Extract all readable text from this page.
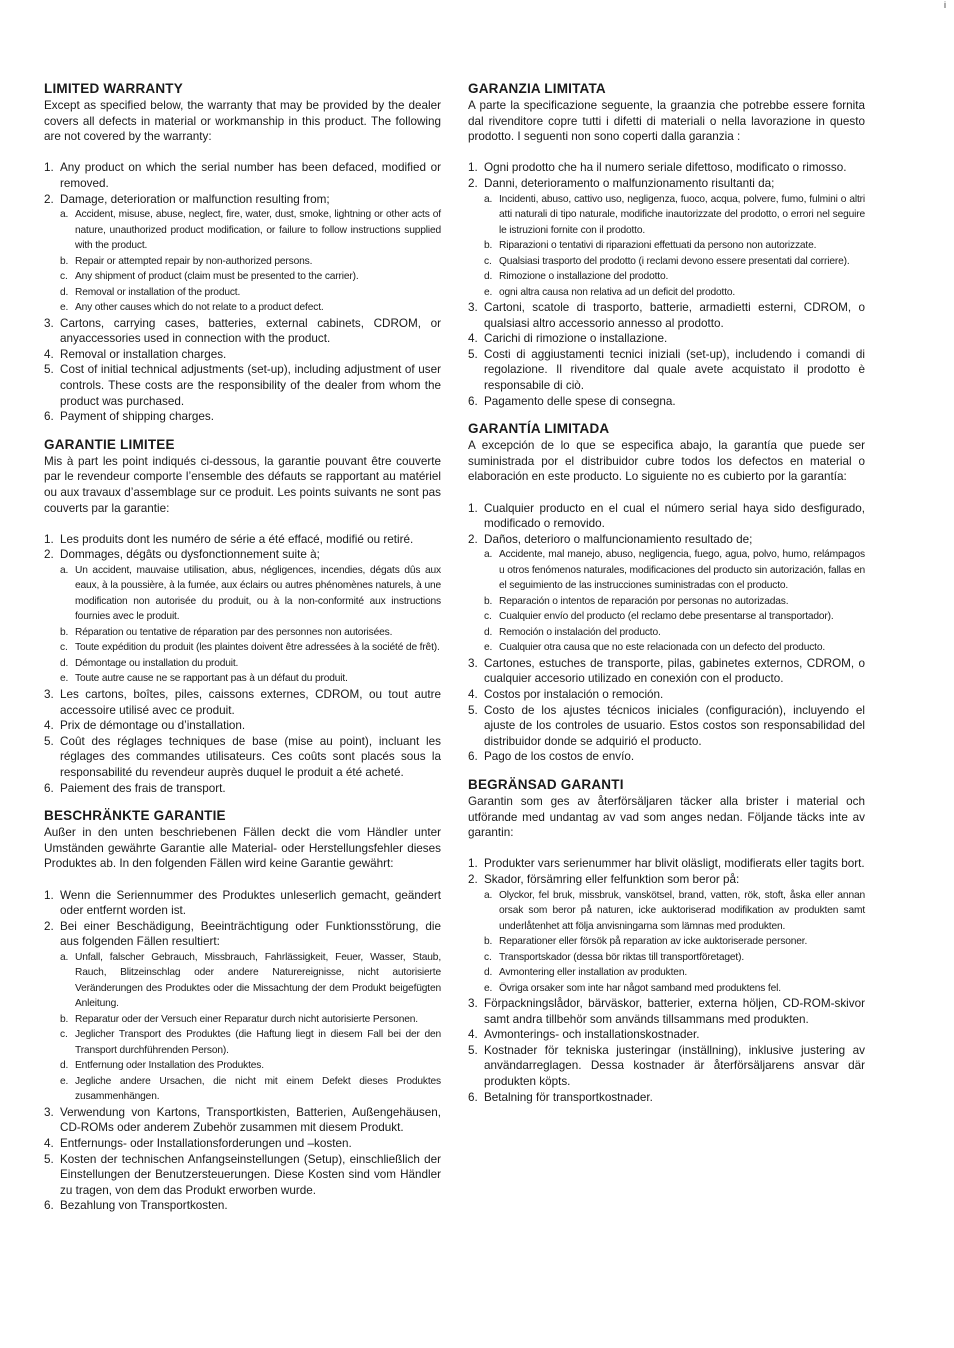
i
LIMITED WARRANTY

Except as specified below, the warranty that may be provided by the dealer covers all defects in material or workmanship in this product. The following are not covered by the warranty:

1. Any product on which the serial number has been defaced, modified or removed.
2. Damage, deterioration or malfunction resulting from;
a. Accident, misuse, abuse, neglect, fire, water, dust, smoke, lightning or other acts of nature, unauthorized product modification, or failure to follow instructions supplied with the product.
b. Repair or attempted repair by non-authorized persons.
c. Any shipment of product (claim must be presented to the carrier).
d. Removal or installation of the product.
e. Any other causes which do not relate to a product defect.
3. Cartons, carrying cases, batteries, external cabinets, CDROM, or anyaccessories used in connection with the product.
4. Removal or installation charges.
5. Cost of initial technical adjustments (set-up), including adjustment of user controls. These costs are the responsibility of the dealer from whom the product was purchased.
6. Payment of shipping charges.
GARANTIE LIMITEE

Mis à part les point indiqués ci-dessous, la garantie pouvant être couverte par le revendeur comporte l’ensemble des défauts se rapportant au matériel ou aux travaux d’assemblage sur ce produit. Les points suivants ne sont pas couverts par la garantie:

1. Les produits dont les numéro de série a été effacé, modifié ou retiré.
2. Dommages, dégâts ou dysfonctionnement suite à;
a. Un accident, mauvaise utilisation, abus, négligences, incendies, dégats dûs aux eaux, à la poussière, à la fumée, aux éclairs ou autres phénomènes naturels, à une modification non autorisée du produit, ou à la non-conformité aux instructions fournies avec le produit.
b. Réparation ou tentative de réparation par des personnes non autorisées.
c. Toute expédition du produit (les plaintes doivent être adressées à la société de frêt).
d. Démontage ou installation du produit.
e. Toute autre cause ne se rapportant pas à un défaut du produit.
3. Les cartons, boîtes, piles, caissons externes, CDROM, ou tout autre accessoire utilisé avec ce produit.
4. Prix de démontage ou d’installation.
5. Coût des réglages techniques de base (mise au point), incluant les réglages des commandes utilisateurs. Ces coûts sont placés sous la responsabilité du revendeur auprès duquel le produit a été acheté.
6. Paiement des frais de transport.
BESCHRÄNKTE GARANTIE

Außer in den unten beschriebenen Fällen deckt die vom Händler unter Umständen gewährte Garantie alle Material- oder Herstellungsfehler dieses Produktes ab. In den folgenden Fällen wird keine Garantie gewährt:

1. Wenn die Seriennummer des Produktes unleserlich gemacht, geändert oder entfernt worden ist.
2. Bei einer Beschädigung, Beeinträchtigung oder Funktionsstörung, die aus folgenden Fällen resultiert:
a. Unfall, falscher Gebrauch, Missbrauch, Fahrlässigkeit, Feuer, Wasser, Staub, Rauch, Blitzeinschlag oder andere Naturereignisse, nicht autorisierte Veränderungen des Produktes oder die Missachtung der dem Produkt beigefügten Anleitung.
b. Reparatur oder der Versuch einer Reparatur durch nicht autorisierte Personen.
c. Jeglicher Transport des Produktes (die Haftung liegt in diesem Fall bei der den Transport durchführenden Person).
d. Entfernung oder Installation des Produktes.
e. Jegliche andere Ursachen, die nicht mit einem Defekt dieses Produktes zusammenhängen.
3. Verwendung von Kartons, Transportkisten, Batterien, Außengehäusen, CD-ROMs oder anderem Zubehör zusammen mit diesem Produkt.
4. Entfernungs- oder Installationsforderungen und –kosten.
5. Kosten der technischen Anfangseinstellungen (Setup), einschließlich der Einstellungen der Benutzersteuerungen. Diese Kosten sind vom Händler zu tragen, von dem das Produkt erworben wurde.
6. Bezahlung von Transportkosten.
GARANZIA LIMITATA

A parte la specificazione seguente, la graanzia che potrebbe essere fornita dal rivenditore copre tutti i difetti di materiali o nella lavorazione in questo prodotto. I seguenti non sono coperti dalla garanzia :

1. Ogni prodotto che ha il numero seriale difettoso, modificato o rimosso.
2. Danni, deterioramento o malfunzionamento risultanti da;
a. Incidenti, abuso, cattivo uso, negligenza, fuoco, acqua, polvere, fumo, fulmini o altri atti naturali di tipo naturale, modifiche inautorizzate del prodotto, o errori nel seguire le istruzioni fornite con il prodotto.
b. Riparazioni o tentativi di riparazioni effettuati da persono non autorizzate.
c. Qualsiasi trasporto del prodotto (i reclami devono essere presentati dal corriere).
d. Rimozione o installazione del prodotto.
e. ogni altra causa non relativa ad un deficit del prodotto.
3. Cartoni, scatole di trasporto, batterie, armadietti esterni, CDROM, o qualsiasi altro accessorio annesso al prodotto.
4. Carichi di rimozione o installazione.
5. Costi di aggiustamenti tecnici iniziali (set-up), includendo i comandi di regolazione. Il rivenditore dal quale avete acquistato il prodotto è responsabile di ciò.
6. Pagamento delle spese di consegna.
GARANTÍA LIMITADA

A excepción de lo que se especifica abajo, la garantía que puede ser suministrada por el distribuidor cubre todos los defectos en material o elaboración en este producto. Lo siguiente no es cubierto por la garantía:

1. Cualquier producto en el cual el número serial haya sido desfigurado, modificado o removido.
2. Daños, deterioro o malfuncionamiento resultado de;
a. Accidente, mal manejo, abuso, negligencia, fuego, agua, polvo, humo, relámpagos u otros fenómenos naturales, modificaciones del producto sin autorización, fallas en el seguimiento de las instrucciones suministradas con el producto.
b. Reparación o intentos de reparación por personas no autorizadas.
c. Cualquier envío del producto (el reclamo debe presentarse al transportador).
d. Remoción o instalación del producto.
e. Cualquier otra causa que no este relacionada con un defecto del producto.
3. Cartones, estuches de transporte, pilas, gabinetes externos, CDROM, o cualquier accesorio utilizado en conexión con el producto.
4. Costos por instalación o remoción.
5. Costo de los ajustes técnicos iniciales (configuración), incluyendo el ajuste de los controles de usuario. Estos costos son responsabilidad del distribuidor donde se adquirió el producto.
6. Pago de los costos de envío.
BEGRÄNSAD GARANTI

Garantin som ges av återförsäljaren täcker alla brister i material och utförande med undantag av vad som anges nedan. Följande täcks inte av garantin:

1. Produkter vars serienummer har blivit oläsligt, modifierats eller tagits bort.
2. Skador, försämring eller felfunktion som beror på:
a. Olyckor, fel bruk, missbruk, vanskötsel, brand, vatten, rök, stoft, åska eller annan orsak som beror på naturen, icke auktoriserad modifikation av produkten samt underlåtenhet att följa anvisningarna som lämnas med produkten.
b. Reparationer eller försök på reparation av icke auktoriserade personer.
c. Transportskador (dessa bör riktas till transportföretaget).
d. Avmontering eller installation av produkten.
e. Övriga orsaker som inte har något samband med produktens fel.
3. Förpackningslådor, bärväskor, batterier, externa höljen, CD-ROM-skivor samt andra tillbehör som används tillsammans med produkten.
4. Avmonterings- och installationskostnader.
5. Kostnader för tekniska justeringar (inställning), inklusive justering av användarreglagen. Dessa kostnader är återförsäljarens ansvar där produkten köpts.
6. Betalning för transportkostnader.
